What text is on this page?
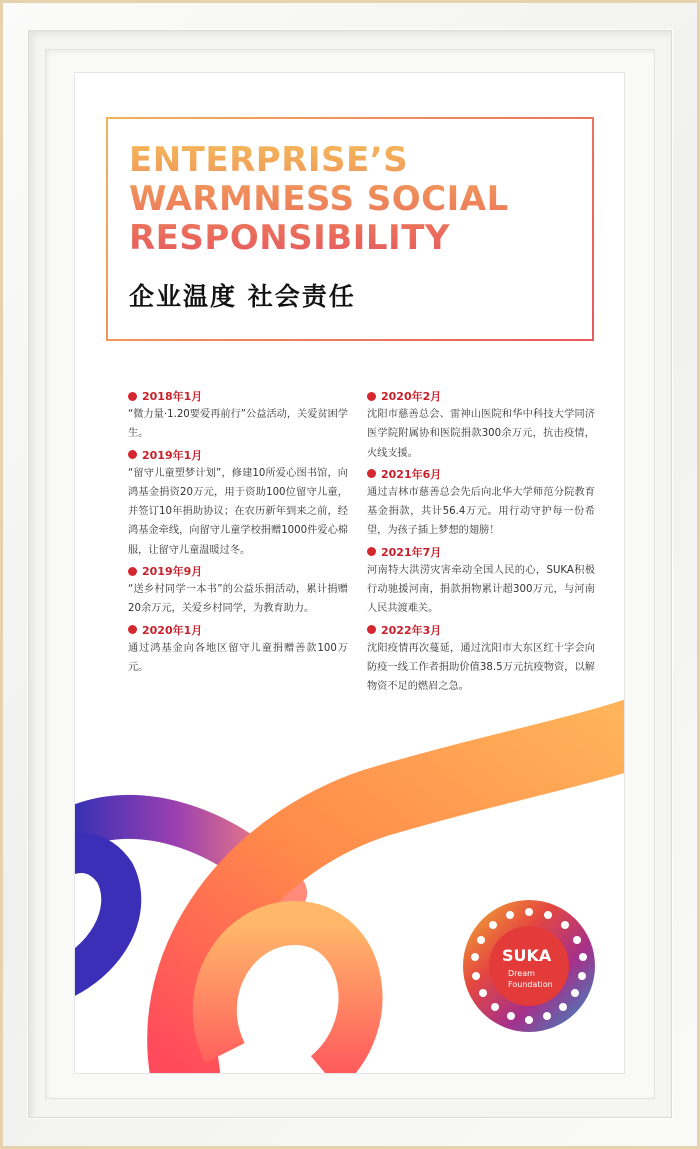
ENTERPRISE’S
WARMNESS SOCIAL
RESPONSIBILITY
企业温度 社会责任
2018年1月
“微力量·1.20要爱再前行”公益活动，关爱贫困学生。
2019年1月
“留守儿童塑梦计划”，修建10所爱心图书馆，向鸿基金捐资20万元，用于资助100位留守儿童，并签订10年捐助协议；在农历新年到来之前，经鸿基金牵线，向留守儿童学校捐赠1000件爱心棉服，让留守儿童温暖过冬。
2019年9月
“送乡村同学一本书”的公益乐捐活动，累计捐赠20余万元，关爱乡村同学，为教育助力。
2020年1月
通过鸿基金向各地区留守儿童捐赠善款100万元。
2020年2月
沈阳市慈善总会、雷神山医院和华中科技大学同济医学院附属协和医院捐款300余万元，抗击疫情，火线支援。
2021年6月
通过吉林市慈善总会先后向北华大学师范分院教育基金捐款，共计56.4万元。用行动守护每一份希望，为孩子插上梦想的翅膀！
2021年7月
河南特大洪涝灾害牵动全国人民的心，SUKA积极行动驰援河南，捐款捐物累计超300万元，与河南人民共渡难关。
2022年3月
沈阳疫情再次蔓延，通过沈阳市大东区红十字会向防疫一线工作者捐助价值38.5万元抗疫物资，以解物资不足的燃眉之急。
SUKA
Dream
Foundation
